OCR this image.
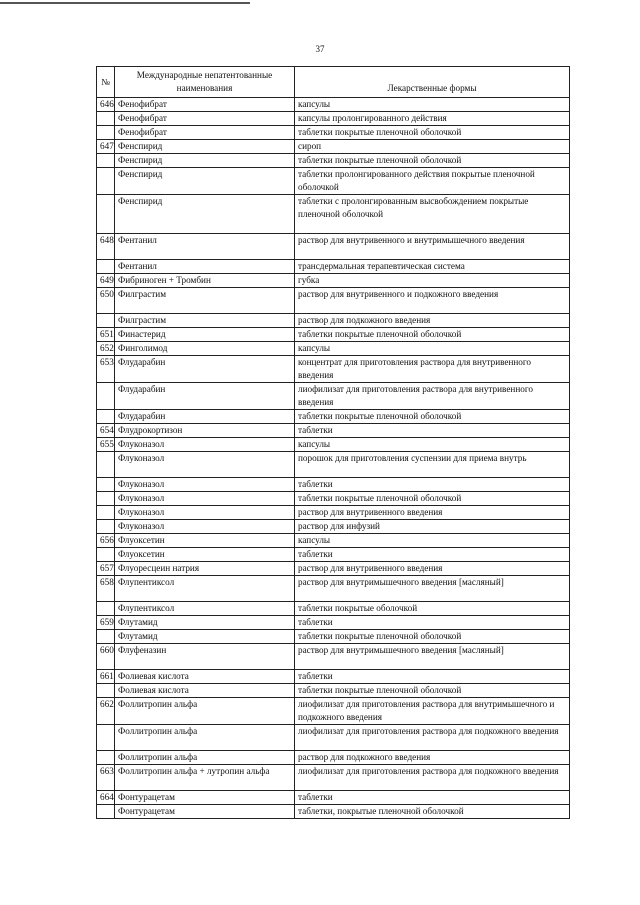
37
№	Международные непатентованные наименования	Лекарственные формы
646	Фенофибрат	капсулы
	Фенофибрат	капсулы пролонгированного действия
	Фенофибрат	таблетки покрытые пленочной оболочкой
647	Фенспирид	сироп
	Фенспирид	таблетки покрытые пленочной оболочкой
	Фенспирид	таблетки пролонгированного действия покрытые пленочной оболочкой
	Фенспирид	таблетки с пролонгированным высвобождением покрытые пленочной оболочкой
648	Фентанил	раствор для внутривенного и внутримышечного введения
	Фентанил	трансдермальная терапевтическая система
649	Фибриноген + Тромбин	губка
650	Филграстим	раствор для внутривенного и подкожного введения
	Филграстим	раствор для подкожного введения
651	Финастерид	таблетки покрытые пленочной оболочкой
652	Финголимод	капсулы
653	Флударабин	концентрат для приготовления раствора для внутривенного введения
	Флударабин	лиофилизат для приготовления раствора для внутривенного введения
	Флударабин	таблетки покрытые пленочной оболочкой
654	Флудрокортизон	таблетки
655	Флуконазол	капсулы
	Флуконазол	порошок для приготовления суспензии для приема внутрь
	Флуконазол	таблетки
	Флуконазол	таблетки покрытые пленочной оболочкой
	Флуконазол	раствор для внутривенного введения
	Флуконазол	раствор для инфузий
656	Флуоксетин	капсулы
	Флуоксетин	таблетки
657	Флуоресцеин натрия	раствор для внутривенного введения
658	Флупентиксол	раствор для внутримышечного введения [масляный]
	Флупентиксол	таблетки покрытые оболочкой
659	Флутамид	таблетки
	Флутамид	таблетки покрытые пленочной оболочкой
660	Флуфеназин	раствор для внутримышечного введения [масляный]
661	Фолиевая кислота	таблетки
	Фолиевая кислота	таблетки покрытые пленочной оболочкой
662	Фоллитропин альфа	лиофилизат для приготовления раствора для внутримышечного и подкожного введения
	Фоллитропин альфа	лиофилизат для приготовления раствора для подкожного введения
	Фоллитропин альфа	раствор для подкожного введения
663	Фоллитропин альфа + лутропин альфа	лиофилизат для приготовления раствора для подкожного введения
664	Фонтурацетам	таблетки
	Фонтурацетам	таблетки, покрытые пленочной оболочкой
